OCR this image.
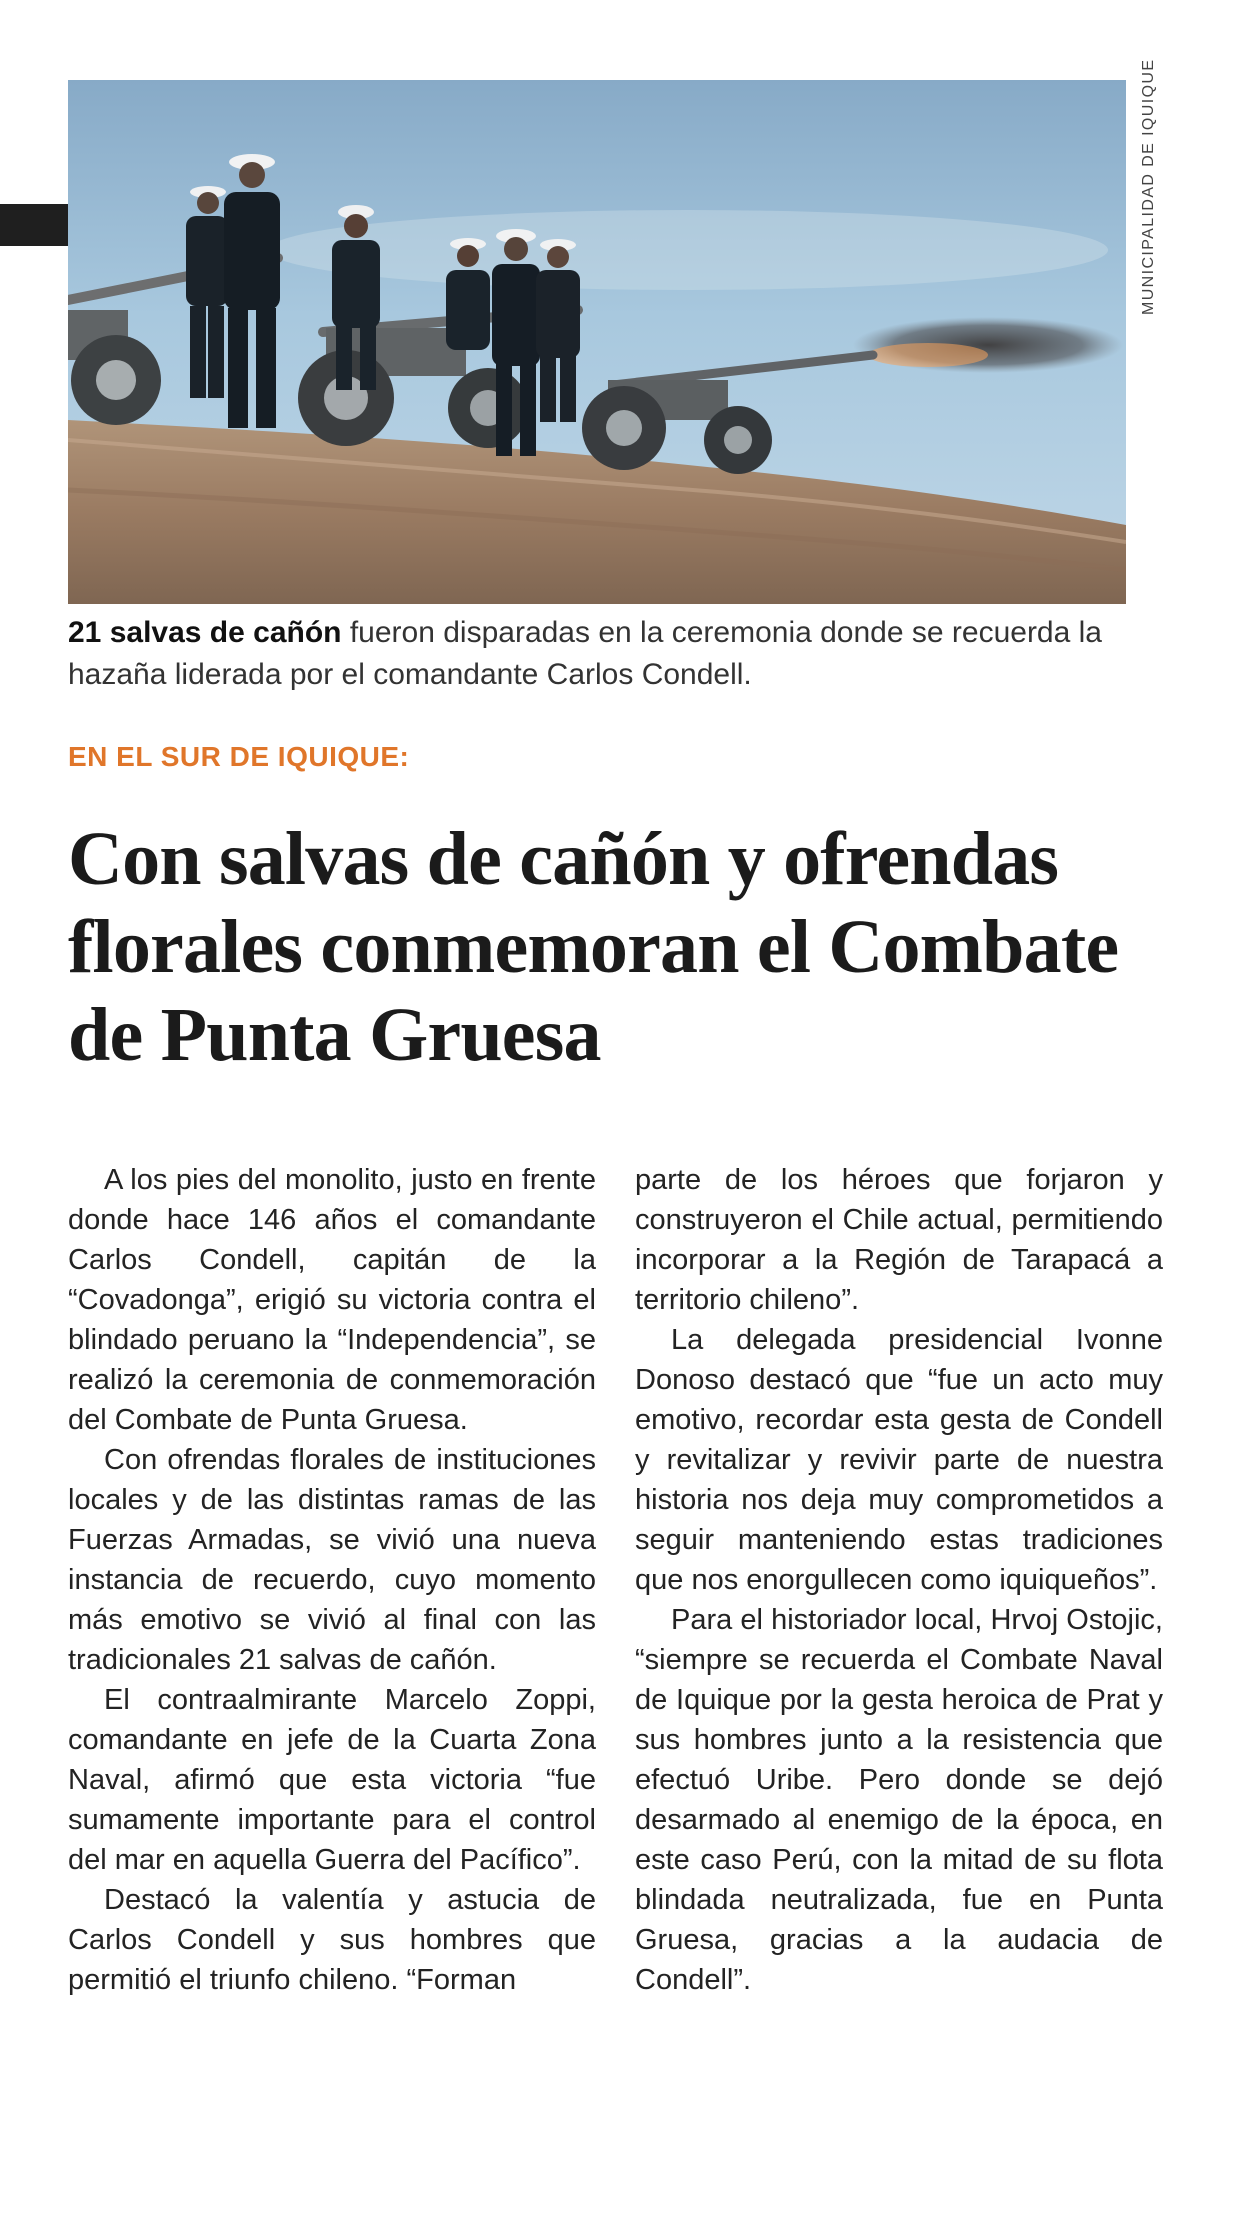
MUNICIPALIDAD DE IQUIQUE

21 salvas de cañón fueron disparadas en la ceremonia donde se recuerda la hazaña liderada por el comandante Carlos Condell.

EN EL SUR DE IQUIQUE:
Con salvas de cañón y ofrendas florales conmemoran el Combate de Punta Gruesa

A los pies del monolito, justo en frente donde hace 146 años el comandante Carlos Condell, capitán de la “Covadonga”, erigió su victoria contra el blindado peruano la “Independencia”, se realizó la ceremonia de conmemoración del Combate de Punta Gruesa.

Con ofrendas florales de instituciones locales y de las distintas ramas de las Fuerzas Armadas, se vivió una nueva instancia de recuerdo, cuyo momento más emotivo se vivió al final con las tradicionales 21 salvas de cañón.

El contraalmirante Marcelo Zoppi, comandante en jefe de la Cuarta Zona Naval, afirmó que esta victoria “fue sumamente importante para el control del mar en aquella Guerra del Pacífico”.

Destacó la valentía y astucia de Carlos Condell y sus hombres que permitió el triunfo chileno. “Forman

parte de los héroes que forjaron y construyeron el Chile actual, permitiendo incorporar a la Región de Tarapacá a territorio chileno”.

La delegada presidencial Ivonne Donoso destacó que “fue un acto muy emotivo, recordar esta gesta de Condell y revitalizar y revivir parte de nuestra historia nos deja muy comprometidos a seguir manteniendo estas tradiciones que nos enorgullecen como iquiqueños”.

Para el historiador local, Hrvoj Ostojic, “siempre se recuerda el Combate Naval de Iquique por la gesta heroica de Prat y sus hombres junto a la resistencia que efectuó Uribe. Pero donde se dejó desarmado al enemigo de la época, en este caso Perú, con la mitad de su flota blindada neutralizada, fue en Punta Gruesa, gracias a la audacia de Condell”.
